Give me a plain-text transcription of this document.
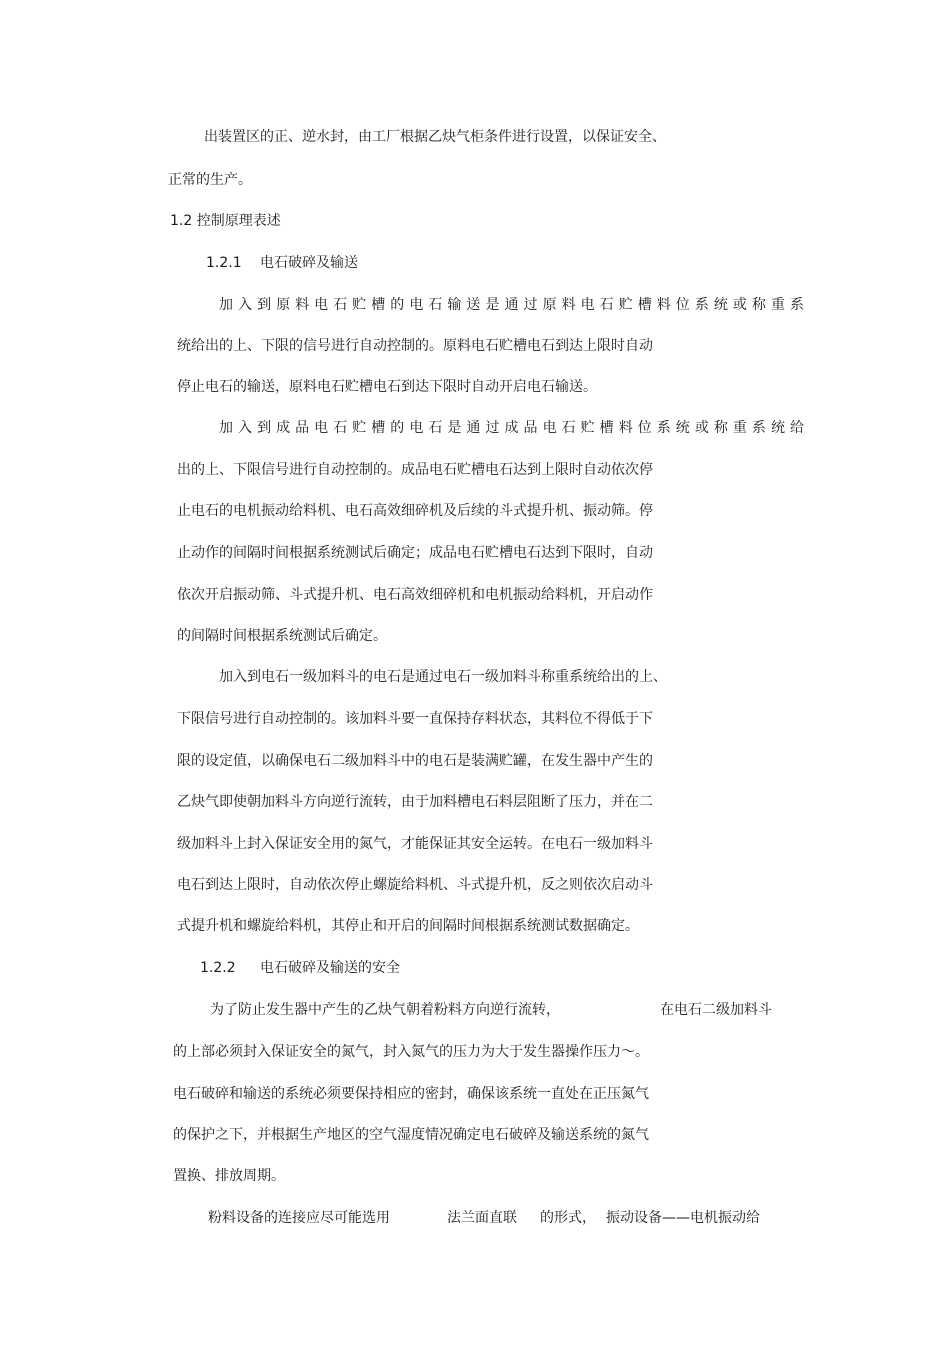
出装置区的正、逆水封，由工厂根据乙炔气柜条件进行设置，以保证安全、
正常的生产。
1.2 控制原理表述
1.2.1 电石破碎及输送
加入到原料电石贮槽的电石输送是通过原料电石贮槽料位系统或称重系
统给出的上、下限的信号进行自动控制的。原料电石贮槽电石到达上限时自动
停止电石的输送，原料电石贮槽电石到达下限时自动开启电石输送。
加入到成品电石贮槽的电石是通过成品电石贮槽料位系统或称重系统给
出的上、下限信号进行自动控制的。成品电石贮槽电石达到上限时自动依次停
止电石的电机振动给料机、电石高效细碎机及后续的斗式提升机、振动筛。停
止动作的间隔时间根据系统测试后确定；成品电石贮槽电石达到下限时，自动
依次开启振动筛、斗式提升机、电石高效细碎机和电机振动给料机，开启动作
的间隔时间根据系统测试后确定。
加入到电石一级加料斗的电石是通过电石一级加料斗称重系统给出的上、
下限信号进行自动控制的。该加料斗要一直保持存料状态，其料位不得低于下
限的设定值，以确保电石二级加料斗中的电石是装满贮罐，在发生器中产生的
乙炔气即使朝加料斗方向逆行流转，由于加料槽电石料层阻断了压力，并在二
级加料斗上封入保证安全用的氮气，才能保证其安全运转。在电石一级加料斗
电石到达上限时，自动依次停止螺旋给料机、斗式提升机，反之则依次启动斗
式提升机和螺旋给料机，其停止和开启的间隔时间根据系统测试数据确定。
1.2.2 电石破碎及输送的安全
为了防止发生器中产生的乙炔气朝着粉料方向逆行流转，	在电石二级加料斗
的上部必须封入保证安全的氮气，封入氮气的压力为大于发生器操作压力～。
电石破碎和输送的系统必须要保持相应的密封，确保该系统一直处在正压氮气
的保护之下，并根据生产地区的空气湿度情况确定电石破碎及输送系统的氮气
置换、排放周期。
粉料设备的连接应尽可能选用	法兰面直联 的形式， 振动设备——电机振动给
